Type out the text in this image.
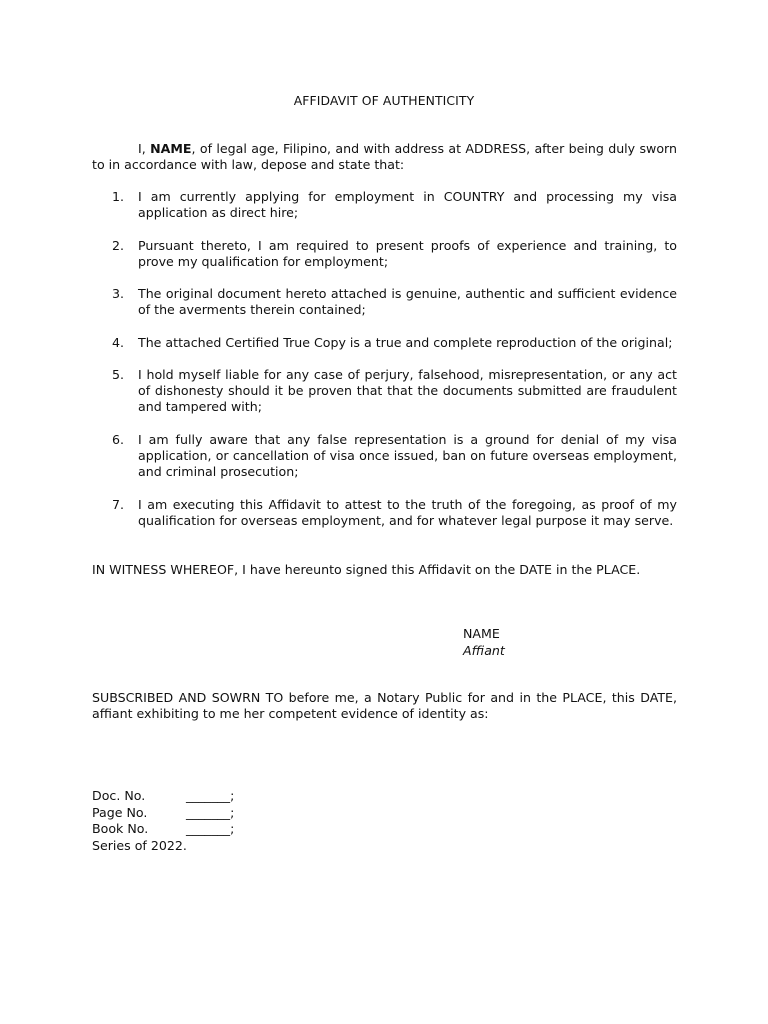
AFFIDAVIT OF AUTHENTICITY
I, NAME, of legal age, Filipino, and with address at ADDRESS, after being duly sworn to in accordance with law, depose and state that:
1.	I am currently applying for employment in COUNTRY and processing my visa application as direct hire;
2.	Pursuant thereto, I am required to present proofs of experience and training, to prove my qualification for employment;
3.	The original document hereto attached is genuine, authentic and sufficient evidence of the averments therein contained;
4.	The attached Certified True Copy is a true and complete reproduction of the original;
5.	I hold myself liable for any case of perjury, falsehood, misrepresentation, or any act of dishonesty should it be proven that that the documents submitted are fraudulent and tampered with;
6.	I am fully aware that any false representation is a ground for denial of my visa application, or cancellation of visa once issued, ban on future overseas employment, and criminal prosecution;
7.	I am executing this Affidavit to attest to the truth of the foregoing, as proof of my qualification for overseas employment, and for whatever legal purpose it may serve.
IN WITNESS WHEREOF, I have hereunto signed this Affidavit on the DATE in the PLACE.
NAME
Affiant
SUBSCRIBED AND SOWRN TO before me, a Notary Public for and in the PLACE, this DATE, affiant exhibiting to me her competent evidence of identity as:
Doc. No.	_______;
Page No.	_______;
Book No.	_______;
Series of 2022.
